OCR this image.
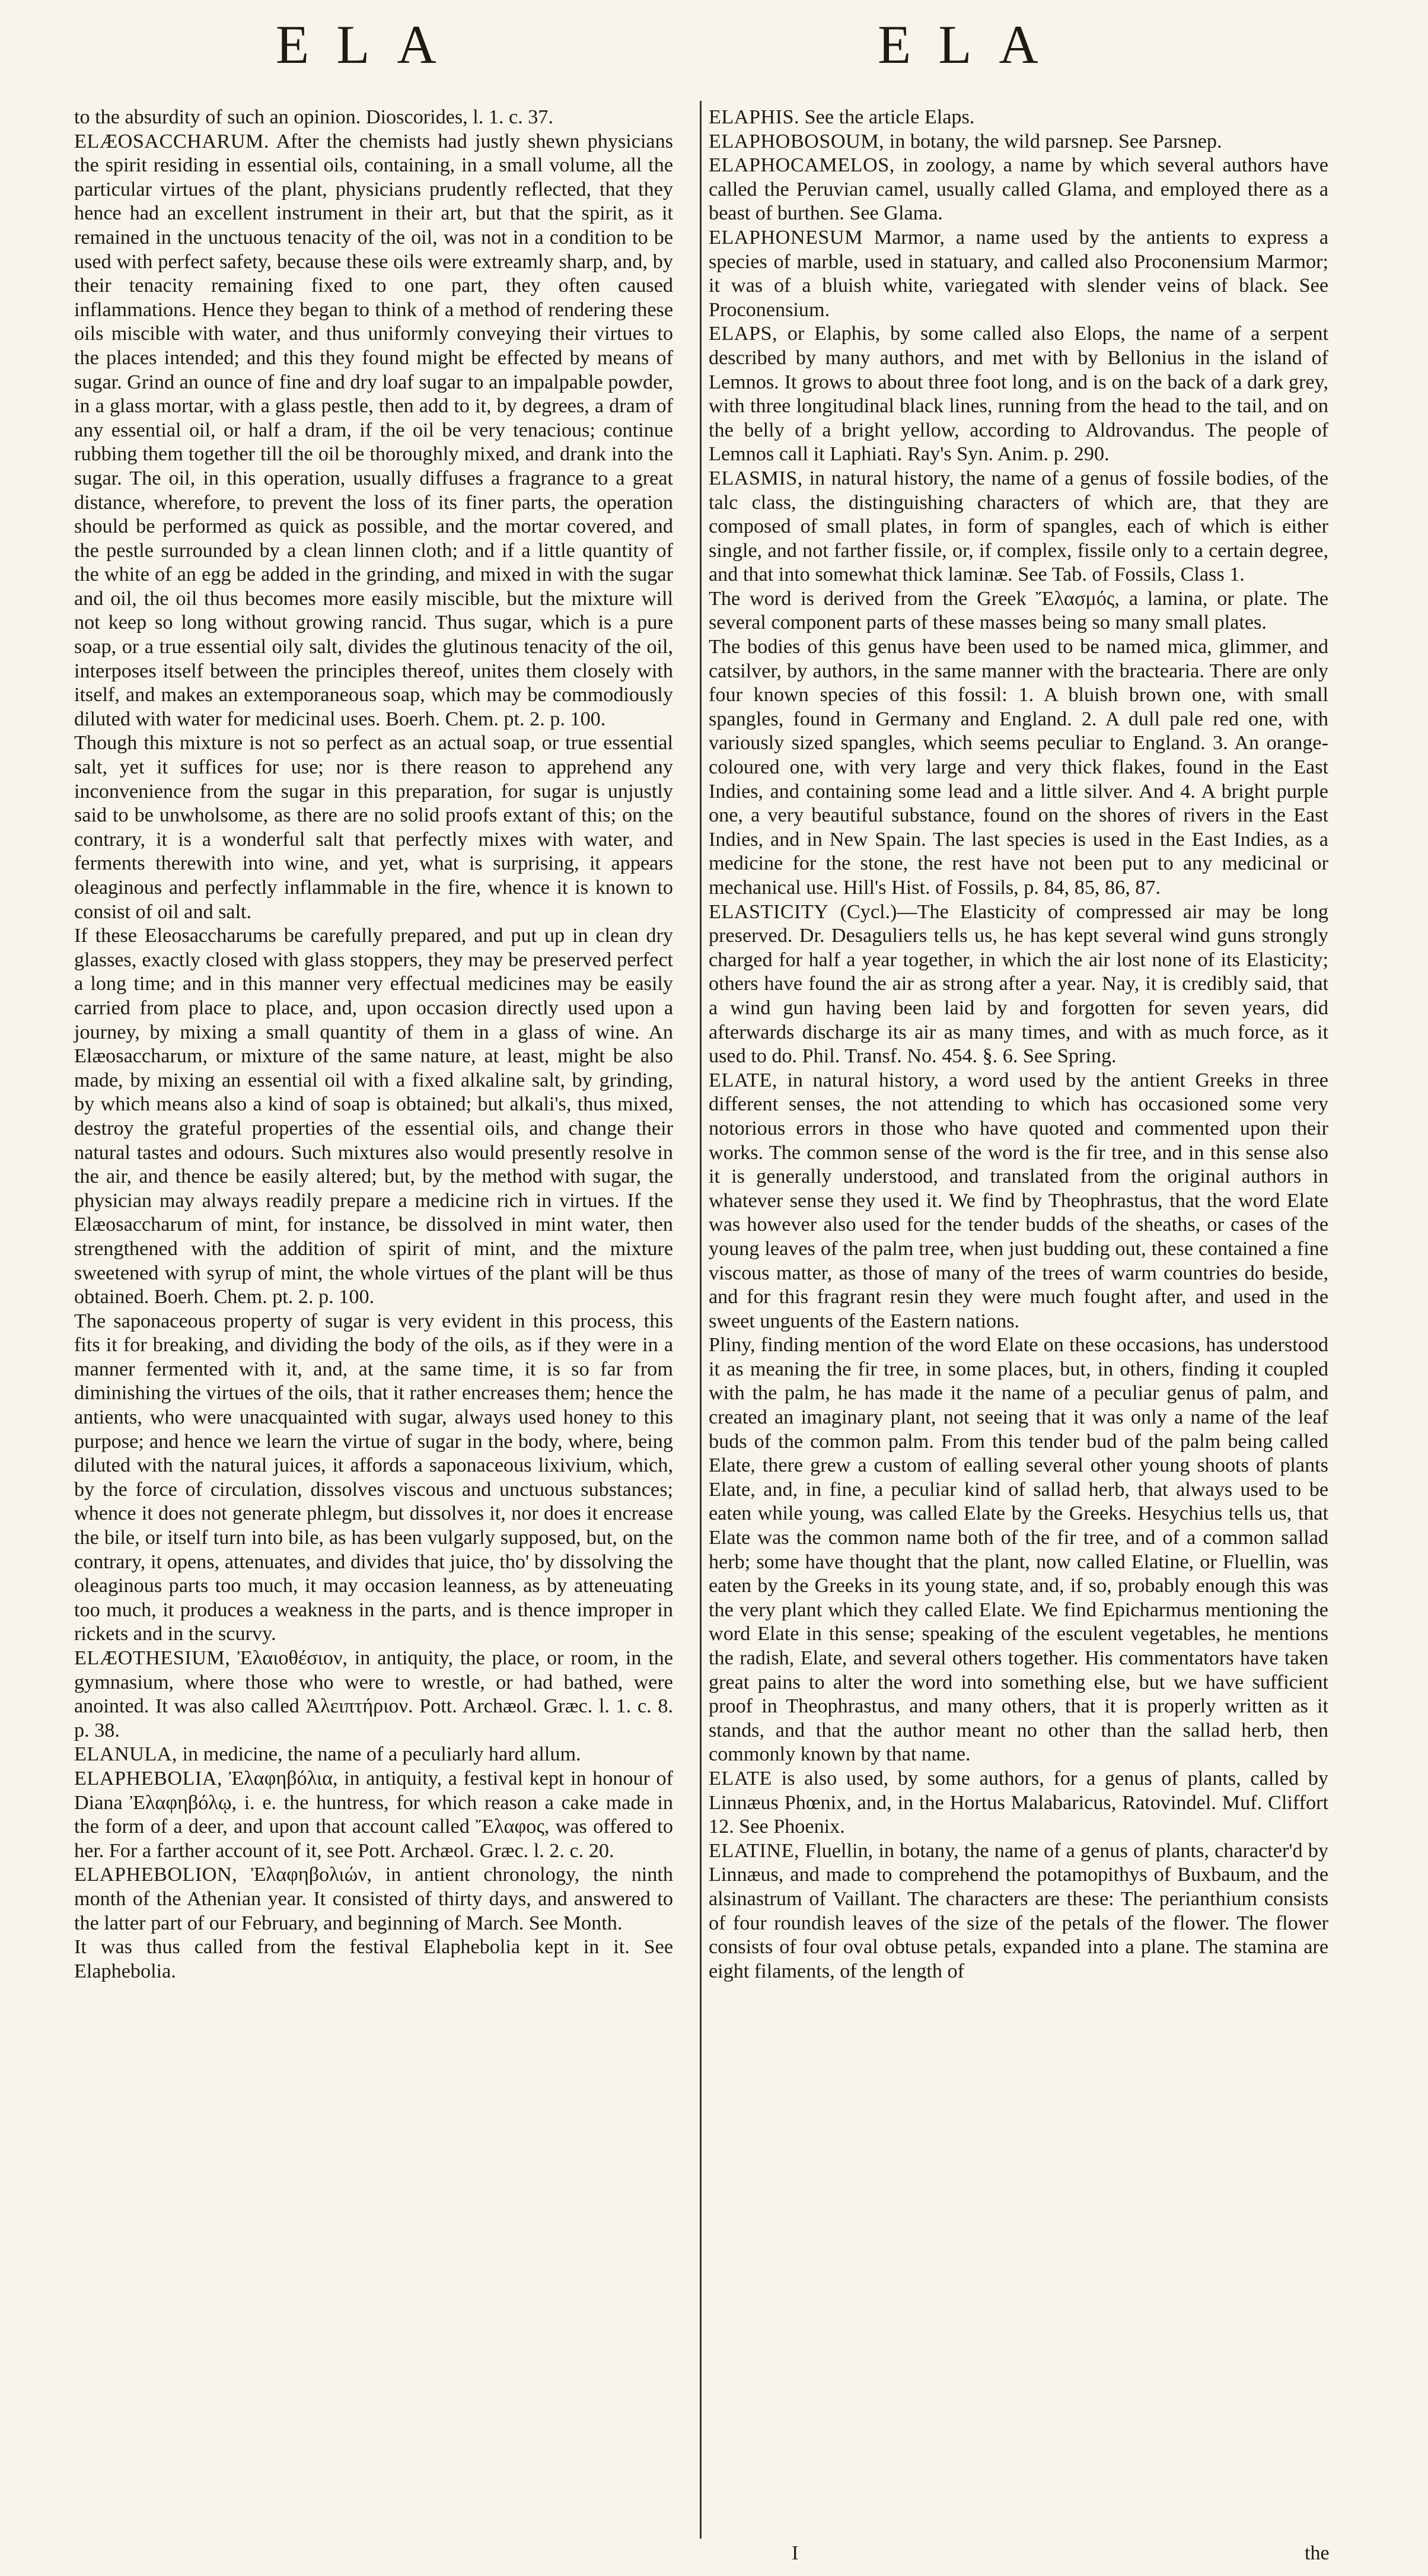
ELA	ELA

to the absurdity of such an opinion. Dioscorides, l. 1. c. 37.

ELÆOSACCHARUM. After the chemists had justly shewn physicians the spirit residing in essential oils, containing, in a small volume, all the particular virtues of the plant, physicians prudently reflected, that they hence had an excellent instrument in their art, but that the spirit, as it remained in the unctuous tenacity of the oil, was not in a condition to be used with perfect safety, because these oils were extreamly sharp, and, by their tenacity remaining fixed to one part, they often caused inflammations. Hence they began to think of a method of rendering these oils miscible with water, and thus uniformly conveying their virtues to the places intended; and this they found might be effected by means of sugar. Grind an ounce of fine and dry loaf sugar to an impalpable powder, in a glass mortar, with a glass pestle, then add to it, by degrees, a dram of any essential oil, or half a dram, if the oil be very tenacious; continue rubbing them together till the oil be thoroughly mixed, and drank into the sugar. The oil, in this operation, usually diffuses a fragrance to a great distance, wherefore, to prevent the loss of its finer parts, the operation should be performed as quick as possible, and the mortar covered, and the pestle surrounded by a clean linnen cloth; and if a little quantity of the white of an egg be added in the grinding, and mixed in with the sugar and oil, the oil thus becomes more easily miscible, but the mixture will not keep so long without growing rancid. Thus sugar, which is a pure soap, or a true essential oily salt, divides the glutinous tenacity of the oil, interposes itself between the principles thereof, unites them closely with itself, and makes an extemporaneous soap, which may be commodiously diluted with water for medicinal uses. Boerh. Chem. pt. 2. p. 100.

Though this mixture is not so perfect as an actual soap, or true essential salt, yet it suffices for use; nor is there reason to apprehend any inconvenience from the sugar in this preparation, for sugar is unjustly said to be unwholsome, as there are no solid proofs extant of this; on the contrary, it is a wonderful salt that perfectly mixes with water, and ferments therewith into wine, and yet, what is surprising, it appears oleaginous and perfectly inflammable in the fire, whence it is known to consist of oil and salt.

If these Eleosaccharums be carefully prepared, and put up in clean dry glasses, exactly closed with glass stoppers, they may be preserved perfect a long time; and in this manner very effectual medicines may be easily carried from place to place, and, upon occasion directly used upon a journey, by mixing a small quantity of them in a glass of wine. An Elæosaccharum, or mixture of the same nature, at least, might be also made, by mixing an essential oil with a fixed alkaline salt, by grinding, by which means also a kind of soap is obtained; but alkali's, thus mixed, destroy the grateful properties of the essential oils, and change their natural tastes and odours. Such mixtures also would presently resolve in the air, and thence be easily altered; but, by the method with sugar, the physician may always readily prepare a medicine rich in virtues. If the Elæosaccharum of mint, for instance, be dissolved in mint water, then strengthened with the addition of spirit of mint, and the mixture sweetened with syrup of mint, the whole virtues of the plant will be thus obtained. Boerh. Chem. pt. 2. p. 100.

The saponaceous property of sugar is very evident in this process, this fits it for breaking, and dividing the body of the oils, as if they were in a manner fermented with it, and, at the same time, it is so far from diminishing the virtues of the oils, that it rather encreases them; hence the antients, who were unacquainted with sugar, always used honey to this purpose; and hence we learn the virtue of sugar in the body, where, being diluted with the natural juices, it affords a saponaceous lixivium, which, by the force of circulation, dissolves viscous and unctuous substances; whence it does not generate phlegm, but dissolves it, nor does it encrease the bile, or itself turn into bile, as has been vulgarly supposed, but, on the contrary, it opens, attenuates, and divides that juice, tho' by dissolving the oleaginous parts too much, it may occasion leanness, as by atteneuating too much, it produces a weakness in the parts, and is thence improper in rickets and in the scurvy.

ELÆOTHESIUM, Ἐλαιοθέσιον, in antiquity, the place, or room, in the gymnasium, where those who were to wrestle, or had bathed, were anointed. It was also called Ἀλειπτήριον. Pott. Archæol. Græc. l. 1. c. 8. p. 38.

ELANULA, in medicine, the name of a peculiarly hard allum.

ELAPHEBOLIA, Ἐλαφηβόλια, in antiquity, a festival kept in honour of Diana Ἐλαφηβόλῳ, i. e. the huntress, for which reason a cake made in the form of a deer, and upon that account called Ἔλαφος, was offered to her. For a farther account of it, see Pott. Archæol. Græc. l. 2. c. 20.

ELAPHEBOLION, Ἐλαφηβολιών, in antient chronology, the ninth month of the Athenian year. It consisted of thirty days, and answered to the latter part of our February, and beginning of March. See Month.

It was thus called from the festival Elaphebolia kept in it. See Elaphebolia.

ELAPHIS. See the article Elaps.

ELAPHOBOSOUM, in botany, the wild parsnep. See Parsnep.

ELAPHOCAMELOS, in zoology, a name by which several authors have called the Peruvian camel, usually called Glama, and employed there as a beast of burthen. See Glama.

ELAPHONESUM Marmor, a name used by the antients to express a species of marble, used in statuary, and called also Proconensium Marmor; it was of a bluish white, variegated with slender veins of black. See Proconensium.

ELAPS, or Elaphis, by some called also Elops, the name of a serpent described by many authors, and met with by Bellonius in the island of Lemnos. It grows to about three foot long, and is on the back of a dark grey, with three longitudinal black lines, running from the head to the tail, and on the belly of a bright yellow, according to Aldrovandus. The people of Lemnos call it Laphiati. Ray's Syn. Anim. p. 290.

ELASMIS, in natural history, the name of a genus of fossile bodies, of the talc class, the distinguishing characters of which are, that they are composed of small plates, in form of spangles, each of which is either single, and not farther fissile, or, if complex, fissile only to a certain degree, and that into somewhat thick laminæ. See Tab. of Fossils, Class 1.

The word is derived from the Greek Ἔλασμός, a lamina, or plate. The several component parts of these masses being so many small plates.

The bodies of this genus have been used to be named mica, glimmer, and catsilver, by authors, in the same manner with the bractearia. There are only four known species of this fossil: 1. A bluish brown one, with small spangles, found in Germany and England. 2. A dull pale red one, with variously sized spangles, which seems peculiar to England. 3. An orange-coloured one, with very large and very thick flakes, found in the East Indies, and containing some lead and a little silver. And 4. A bright purple one, a very beautiful substance, found on the shores of rivers in the East Indies, and in New Spain. The last species is used in the East Indies, as a medicine for the stone, the rest have not been put to any medicinal or mechanical use. Hill's Hist. of Fossils, p. 84, 85, 86, 87.

ELASTICITY (Cycl.)—The Elasticity of compressed air may be long preserved. Dr. Desaguliers tells us, he has kept several wind guns strongly charged for half a year together, in which the air lost none of its Elasticity; others have found the air as strong after a year. Nay, it is credibly said, that a wind gun having been laid by and forgotten for seven years, did afterwards discharge its air as many times, and with as much force, as it used to do. Phil. Transf. No. 454. §. 6. See Spring.

ELATE, in natural history, a word used by the antient Greeks in three different senses, the not attending to which has occasioned some very notorious errors in those who have quoted and commented upon their works. The common sense of the word is the fir tree, and in this sense also it is generally understood, and translated from the original authors in whatever sense they used it. We find by Theophrastus, that the word Elate was however also used for the tender budds of the sheaths, or cases of the young leaves of the palm tree, when just budding out, these contained a fine viscous matter, as those of many of the trees of warm countries do beside, and for this fragrant resin they were much fought after, and used in the sweet unguents of the Eastern nations.

Pliny, finding mention of the word Elate on these occasions, has understood it as meaning the fir tree, in some places, but, in others, finding it coupled with the palm, he has made it the name of a peculiar genus of palm, and created an imaginary plant, not seeing that it was only a name of the leaf buds of the common palm. From this tender bud of the palm being called Elate, there grew a custom of ealling several other young shoots of plants Elate, and, in fine, a peculiar kind of sallad herb, that always used to be eaten while young, was called Elate by the Greeks. Hesychius tells us, that Elate was the common name both of the fir tree, and of a common sallad herb; some have thought that the plant, now called Elatine, or Fluellin, was eaten by the Greeks in its young state, and, if so, probably enough this was the very plant which they called Elate. We find Epicharmus mentioning the word Elate in this sense; speaking of the esculent vegetables, he mentions the radish, Elate, and several others together. His commentators have taken great pains to alter the word into something else, but we have sufficient proof in Theophrastus, and many others, that it is properly written as it stands, and that the author meant no other than the sallad herb, then commonly known by that name.

ELATE is also used, by some authors, for a genus of plants, called by Linnæus Phœnix, and, in the Hortus Malabaricus, Ratovindel. Muf. Cliffort 12. See Phoenix.

ELATINE, Fluellin, in botany, the name of a genus of plants, character'd by Linnæus, and made to comprehend the potamopithys of Buxbaum, and the alsinastrum of Vaillant. The characters are these: The perianthium consists of four roundish leaves of the size of the petals of the flower. The flower consists of four oval obtuse petals, expanded into a plane. The stamina are eight filaments, of the length of

I	the
